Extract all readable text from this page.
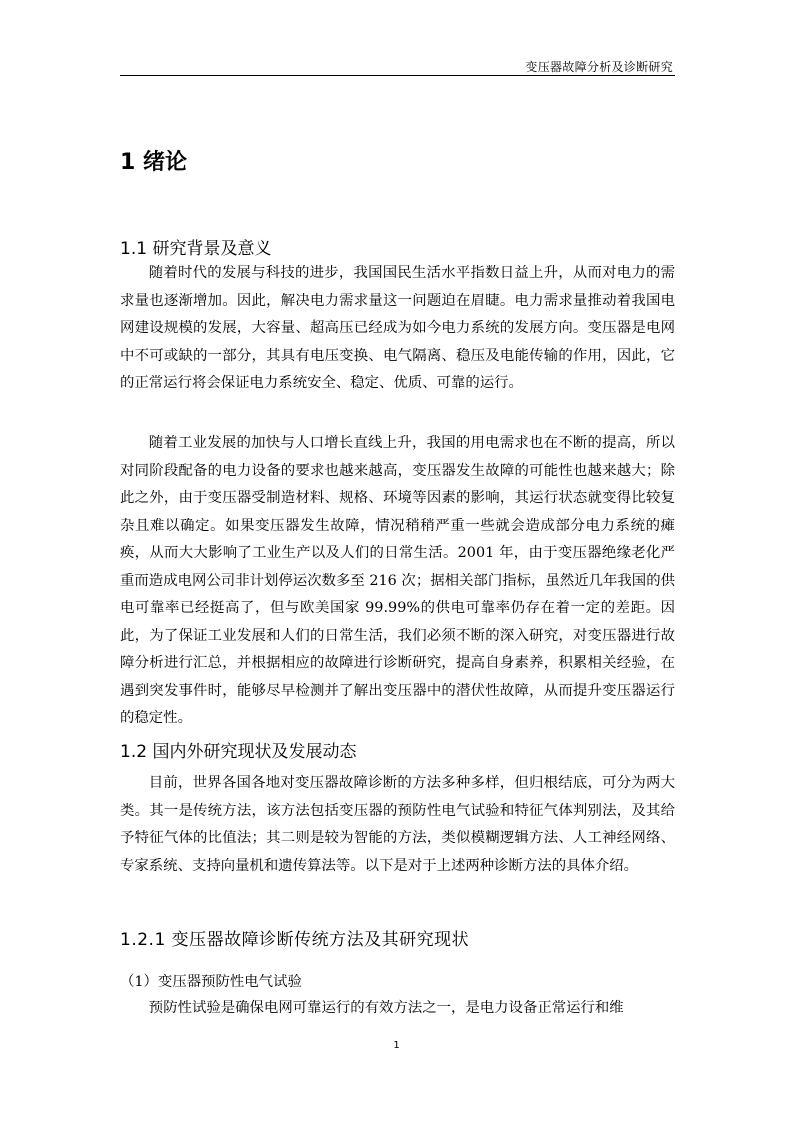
变压器故障分析及诊断研究
1 绪论
1.1 研究背景及意义
随着时代的发展与科技的进步，我国国民生活水平指数日益上升，从而对电力的需求量也逐渐增加。因此，解决电力需求量这一问题迫在眉睫。电力需求量推动着我国电网建设规模的发展，大容量、超高压已经成为如今电力系统的发展方向。变压器是电网中不可或缺的一部分，其具有电压变换、电气隔离、稳压及电能传输的作用，因此，它的正常运行将会保证电力系统安全、稳定、优质、可靠的运行。
随着工业发展的加快与人口增长直线上升，我国的用电需求也在不断的提高，所以对同阶段配备的电力设备的要求也越来越高，变压器发生故障的可能性也越来越大；除此之外，由于变压器受制造材料、规格、环境等因素的影响，其运行状态就变得比较复杂且难以确定。如果变压器发生故障，情况稍稍严重一些就会造成部分电力系统的瘫痪，从而大大影响了工业生产以及人们的日常生活。2001 年，由于变压器绝缘老化严重而造成电网公司非计划停运次数多至 216 次；据相关部门指标，虽然近几年我国的供电可靠率已经挺高了，但与欧美国家 99.99%的供电可靠率仍存在着一定的差距。因此，为了保证工业发展和人们的日常生活，我们必须不断的深入研究，对变压器进行故障分析进行汇总，并根据相应的故障进行诊断研究，提高自身素养，积累相关经验，在遇到突发事件时，能够尽早检测并了解出变压器中的潜伏性故障，从而提升变压器运行的稳定性。
1.2 国内外研究现状及发展动态
目前，世界各国各地对变压器故障诊断的方法多种多样，但归根结底，可分为两大类。其一是传统方法，该方法包括变压器的预防性电气试验和特征气体判别法，及其给予特征气体的比值法；其二则是较为智能的方法，类似模糊逻辑方法、人工神经网络、专家系统、支持向量机和遗传算法等。以下是对于上述两种诊断方法的具体介绍。
1.2.1 变压器故障诊断传统方法及其研究现状
（1）变压器预防性电气试验
预防性试验是确保电网可靠运行的有效方法之一，是电力设备正常运行和维
1
